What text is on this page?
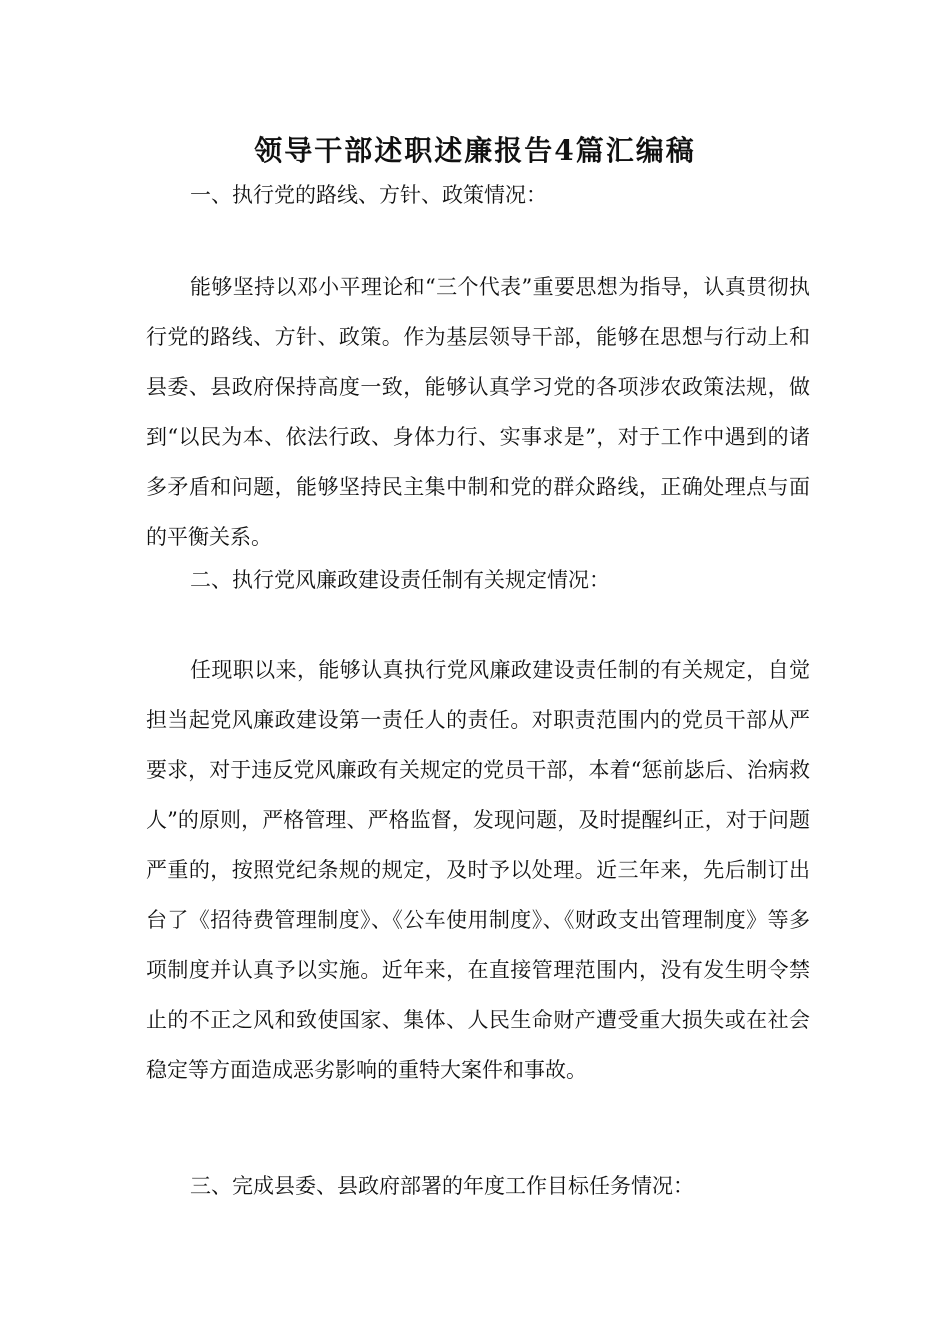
领导干部述职述廉报告4篇汇编稿

一、执行党的路线、方针、政策情况：

能够坚持以邓小平理论和“三个代表”重要思想为指导，认真贯彻执行党的路线、方针、政策。作为基层领导干部，能够在思想与行动上和县委、县政府保持高度一致，能够认真学习党的各项涉农政策法规，做到“以民为本、依法行政、身体力行、实事求是”，对于工作中遇到的诸多矛盾和问题，能够坚持民主集中制和党的群众路线，正确处理点与面的平衡关系。

二、执行党风廉政建设责任制有关规定情况：

任现职以来，能够认真执行党风廉政建设责任制的有关规定，自觉担当起党风廉政建设第一责任人的责任。对职责范围内的党员干部从严要求，对于违反党风廉政有关规定的党员干部，本着“惩前毖后、治病救人”的原则，严格管理、严格监督，发现问题，及时提醒纠正，对于问题严重的，按照党纪条规的规定，及时予以处理。近三年来，先后制订出台了《招待费管理制度》、《公车使用制度》、《财政支出管理制度》等多项制度并认真予以实施。近年来，在直接管理范围内，没有发生明令禁止的不正之风和致使国家、集体、人民生命财产遭受重大损失或在社会稳定等方面造成恶劣影响的重特大案件和事故。

三、完成县委、县政府部署的年度工作目标任务情况：
